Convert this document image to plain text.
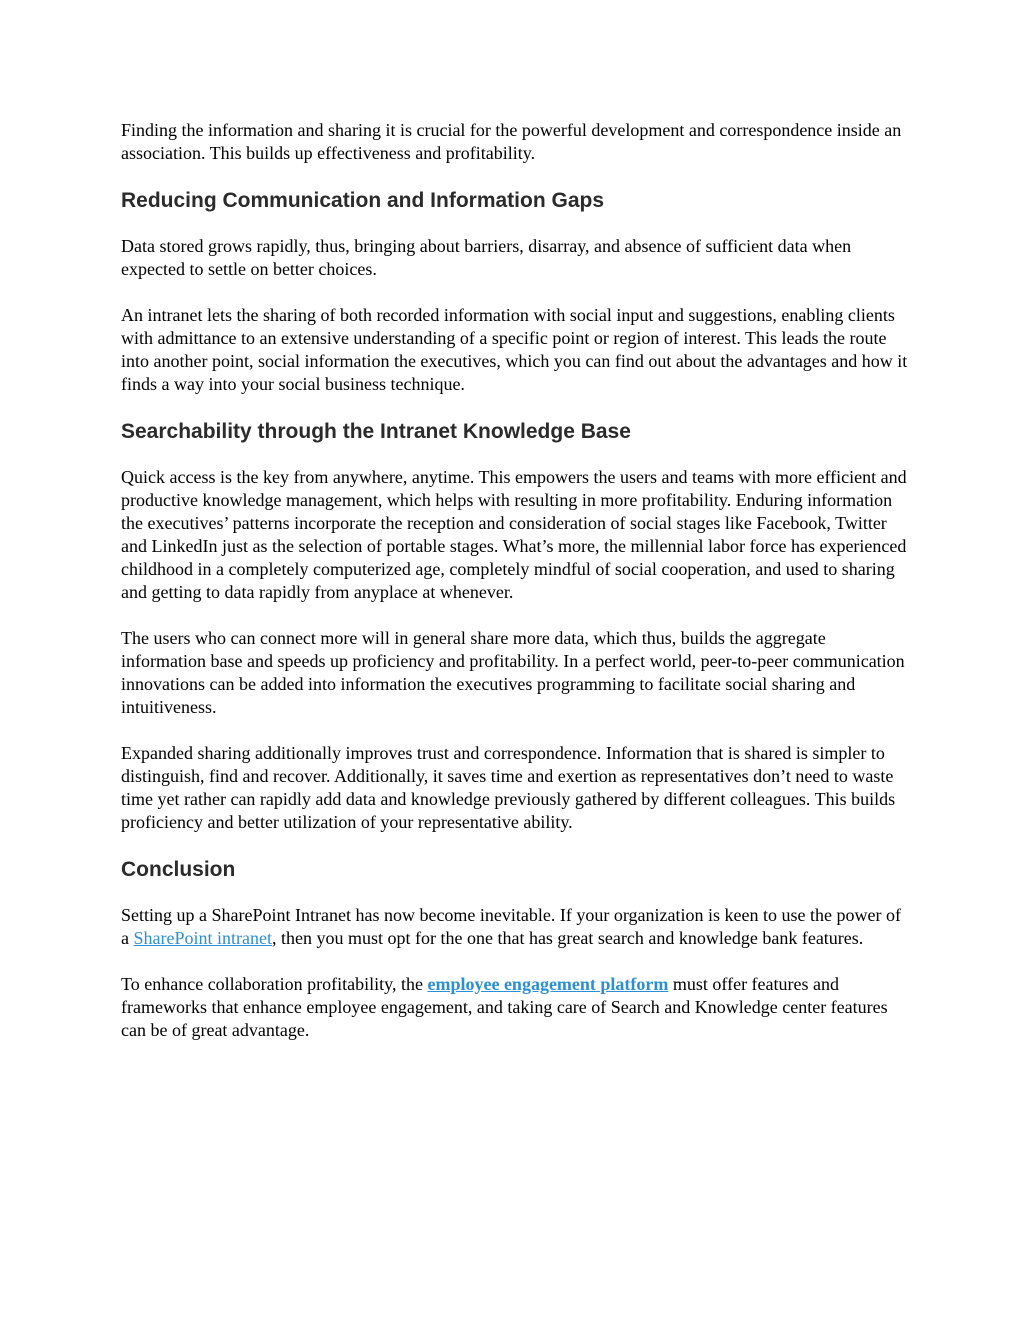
Finding the information and sharing it is crucial for the powerful development and correspondence inside an association. This builds up effectiveness and profitability.

Reducing Communication and Information Gaps

Data stored grows rapidly, thus, bringing about barriers, disarray, and absence of sufficient data when expected to settle on better choices.

An intranet lets the sharing of both recorded information with social input and suggestions, enabling clients with admittance to an extensive understanding of a specific point or region of interest. This leads the route into another point, social information the executives, which you can find out about the advantages and how it finds a way into your social business technique.

Searchability through the Intranet Knowledge Base

Quick access is the key from anywhere, anytime. This empowers the users and teams with more efficient and productive knowledge management, which helps with resulting in more profitability. Enduring information the executives’ patterns incorporate the reception and consideration of social stages like Facebook, Twitter and LinkedIn just as the selection of portable stages. What’s more, the millennial labor force has experienced childhood in a completely computerized age, completely mindful of social cooperation, and used to sharing and getting to data rapidly from anyplace at whenever.

The users who can connect more will in general share more data, which thus, builds the aggregate information base and speeds up proficiency and profitability. In a perfect world, peer-to-peer communication innovations can be added into information the executives programming to facilitate social sharing and intuitiveness.

Expanded sharing additionally improves trust and correspondence. Information that is shared is simpler to distinguish, find and recover. Additionally, it saves time and exertion as representatives don’t need to waste time yet rather can rapidly add data and knowledge previously gathered by different colleagues. This builds proficiency and better utilization of your representative ability.

Conclusion

Setting up a SharePoint Intranet has now become inevitable. If your organization is keen to use the power of a SharePoint intranet, then you must opt for the one that has great search and knowledge bank features.

To enhance collaboration profitability, the employee engagement platform must offer features and frameworks that enhance employee engagement, and taking care of Search and Knowledge center features can be of great advantage.
